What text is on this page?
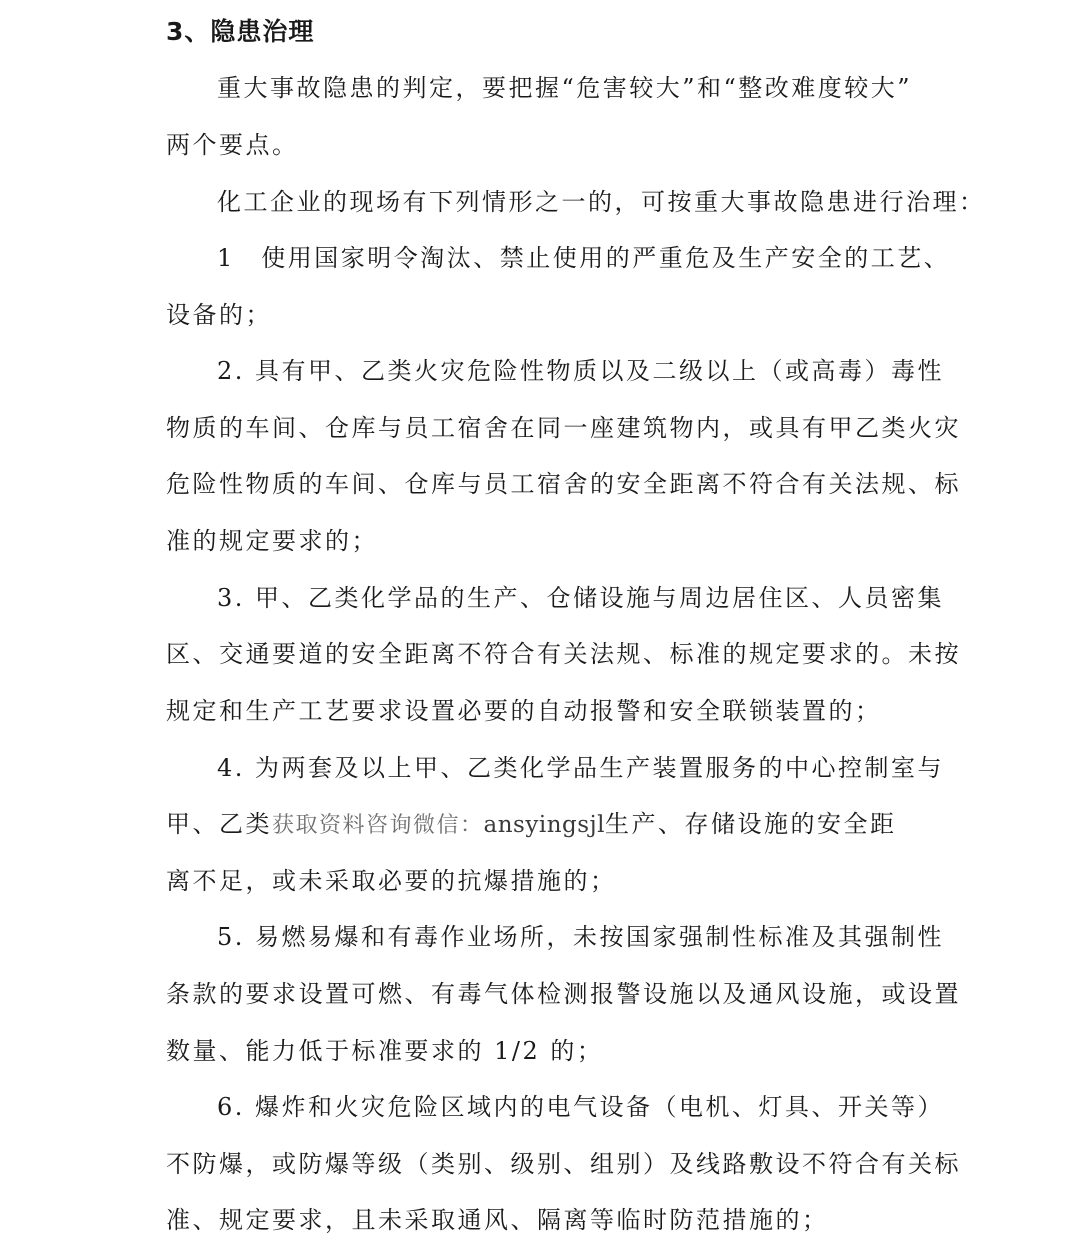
3、隐患治理
重大事故隐患的判定，要把握“危害较大”和“整改难度较大”
两个要点。
化工企业的现场有下列情形之一的，可按重大事故隐患进行治理：
1　使用国家明令淘汰、禁止使用的严重危及生产安全的工艺、
设备的；
2. 具有甲、乙类火灾危险性物质以及二级以上（或高毒）毒性
物质的车间、仓库与员工宿舍在同一座建筑物内，或具有甲乙类火灾
危险性物质的车间、仓库与员工宿舍的安全距离不符合有关法规、标
准的规定要求的；
3. 甲、乙类化学品的生产、仓储设施与周边居住区、人员密集
区、交通要道的安全距离不符合有关法规、标准的规定要求的。未按
规定和生产工艺要求设置必要的自动报警和安全联锁装置的；
4. 为两套及以上甲、乙类化学品生产装置服务的中心控制室与
甲、乙类获取资料咨询微信：ansyingsjl生产、存储设施的安全距
离不足，或未采取必要的抗爆措施的；
5. 易燃易爆和有毒作业场所，未按国家强制性标准及其强制性
条款的要求设置可燃、有毒气体检测报警设施以及通风设施，或设置
数量、能力低于标准要求的 1/2 的；
6. 爆炸和火灾危险区域内的电气设备（电机、灯具、开关等）
不防爆，或防爆等级（类别、级别、组别）及线路敷设不符合有关标
准、规定要求，且未采取通风、隔离等临时防范措施的；
